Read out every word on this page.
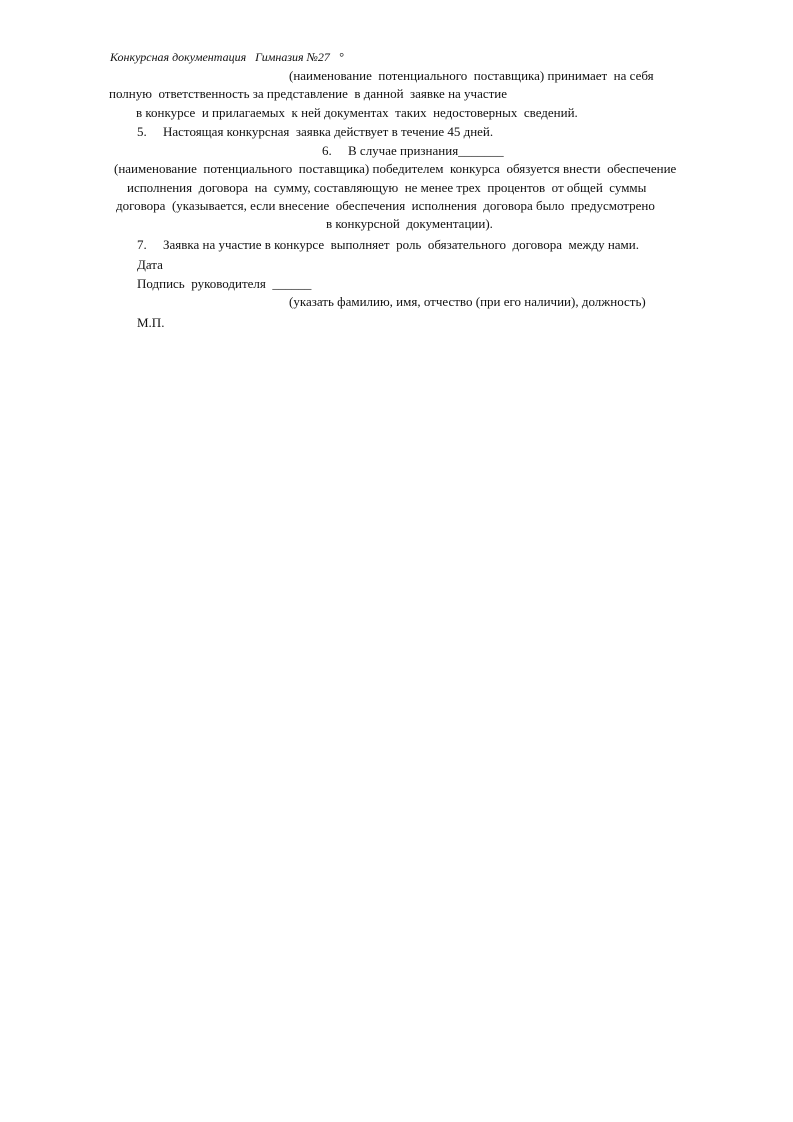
Конкурсная документация   Гимназия №27   °
(наименование  потенциального  поставщика) принимает  на себя
полную  ответственность за представление  в данной  заявке на участие
в конкурсе  и прилагаемых  к ней документах  таких  недостоверных  сведений.
5. Настоящая конкурсная  заявка действует в течение 45 дней.
6. В случае признания_______
(наименование  потенциального  поставщика) победителем  конкурса  обязуется внести  обеспечение
исполнения  договора  на  сумму, составляющую  не менее трех  процентов  от общей  суммы
договора  (указывается, если внесение  обеспечения  исполнения  договора было  предусмотрено
в конкурсной  документации).
7. Заявка на участие в конкурсе  выполняет  роль  обязательного  договора  между нами.
Дата
Подпись  руководителя  ______
(указать фамилию, имя, отчество (при его наличии), должность)
М.П.
